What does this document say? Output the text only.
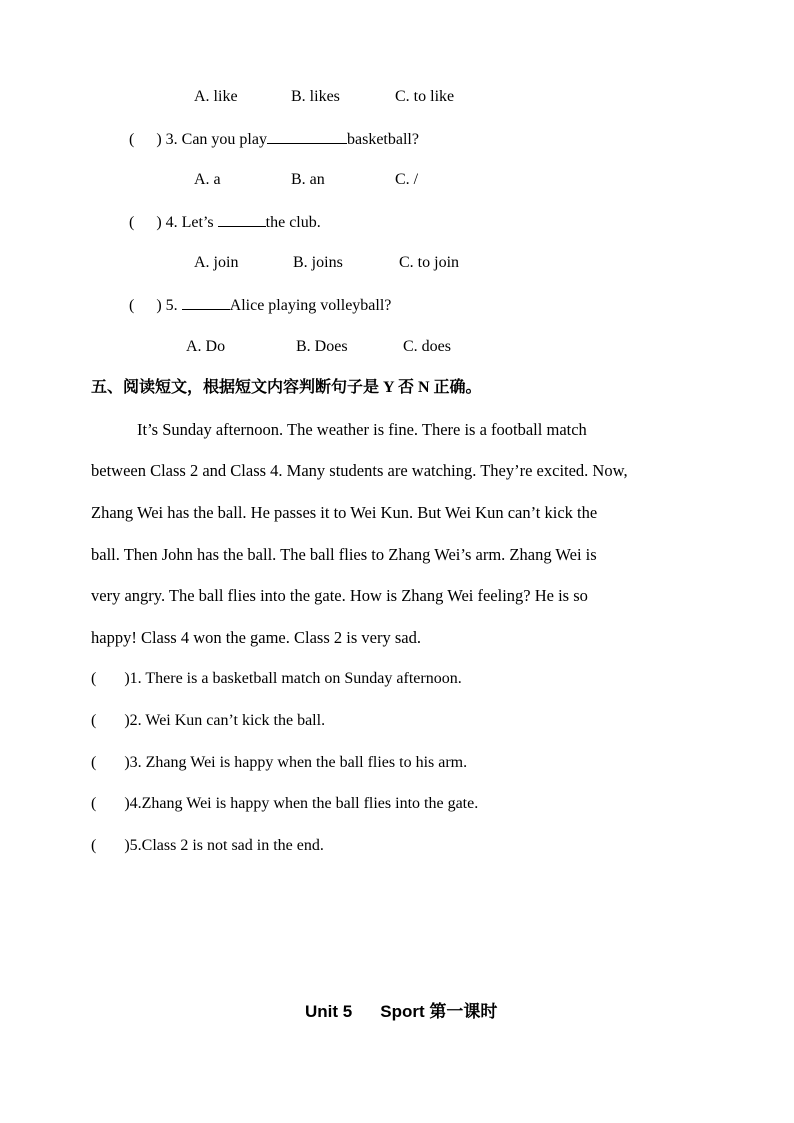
A. like	B. likes	C. to like
( ) 3. Can you play	basketball?
A. a	B. an	C. /
( ) 4. Let’s	the club.
A. join	B. joins	C. to join
( ) 5.	Alice playing volleyball?
A. Do	B. Does	C. does
五、阅读短文，根据短文内容判断句子是 Y 否 N 正确。
It’s Sunday afternoon. The weather is fine. There is a football match
between Class 2 and Class 4. Many students are watching. They’re excited. Now,
Zhang Wei has the ball. He passes it to Wei Kun. But Wei Kun can’t kick the
ball. Then John has the ball. The ball flies to Zhang Wei’s arm. Zhang Wei is
very angry. The ball flies into the gate. How is Zhang Wei feeling? He is so
happy! Class 4 won the game. Class 2 is very sad.
( )1. There is a basketball match on Sunday afternoon.
( )2. Wei Kun can’t kick the ball.
( )3. Zhang Wei is happy when the ball flies to his arm.
( )4.Zhang Wei is happy when the ball flies into the gate.
( )5.Class 2 is not sad in the end.
Unit 5 Sport 第一课时
